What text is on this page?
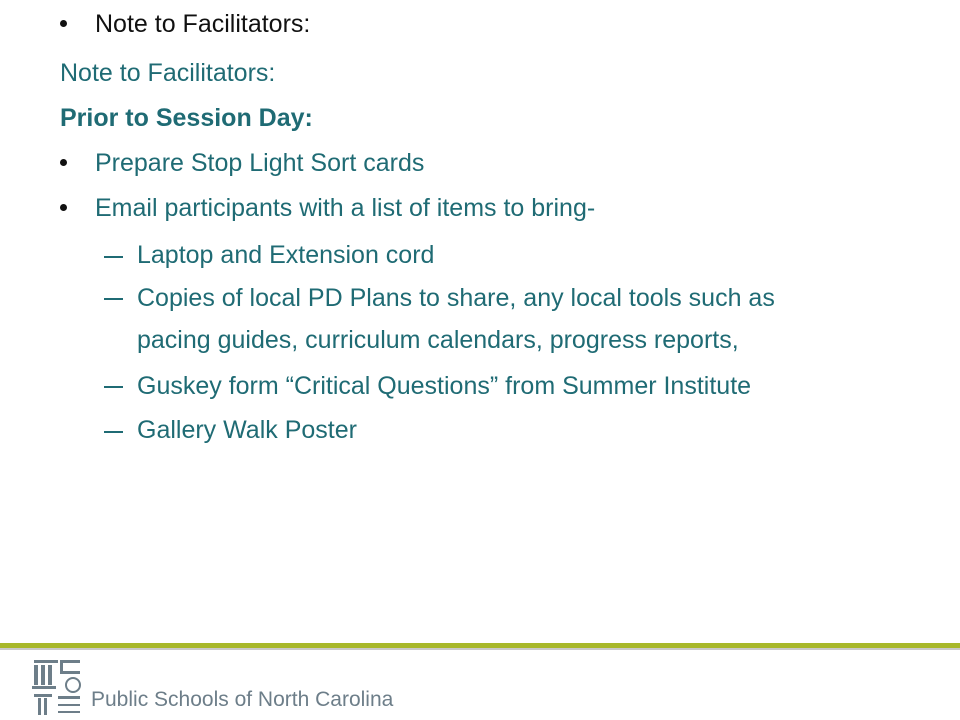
Note to Facilitators:
Note to Facilitators:
Prior to Session Day:
Prepare Stop Light Sort cards
Email participants with a list of items to bring-
Laptop and Extension cord
Copies of local PD Plans to share, any local tools such as
pacing guides, curriculum calendars, progress reports,
Guskey form “Critical Questions” from Summer Institute
Gallery Walk Poster
Public Schools of North Carolina
